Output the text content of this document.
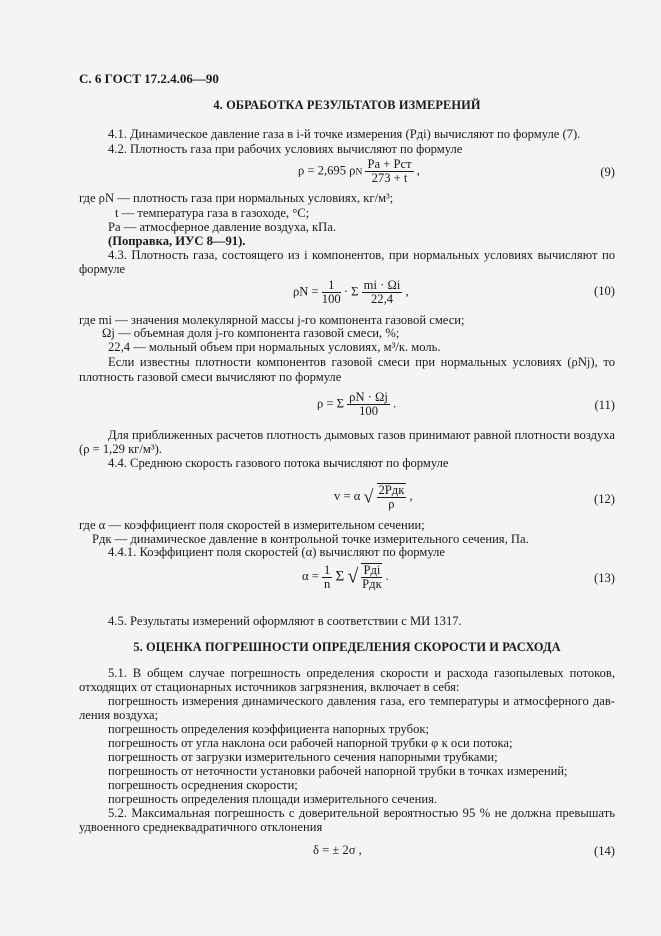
С. 6 ГОСТ 17.2.4.06—90
4. ОБРАБОТКА РЕЗУЛЬТАТОВ ИЗМЕРЕНИЙ
4.1. Динамическое давление газа в i-й точке измерения (Pдi) вычисляют по формуле (7).
4.2. Плотность газа при рабочих условиях вычисляют по формуле
ρ = 2,695 ρN $\frac{\text{Pа + Pст}}{273 + t}$ ,	(9)
где ρN — плотность газа при нормальных условиях, кг/м³;
t — температура газа в газоходе, °С;
Pа — атмосферное давление воздуха, кПа.
(Поправка, ИУС 8—91).
4.3. Плотность газа, состоящего из i компонентов, при нормальных условиях вычисляют по
формуле
$\rho N = \frac{1}{100} \cdot \Sigma \frac{mi \cdot \Omega i}{22,4}$ ,	(10)
где mi — значения молекулярной массы j-го компонента газовой смеси;
Ωj — объемная доля j-го компонента газовой смеси, %;
22,4 — мольный объем при нормальных условиях, м³/к. моль.
Если известны плотности компонентов газовой смеси при нормальных условиях (ρNj), то
плотность газовой смеси вычисляют по формуле
ρ = Σ $\frac{\rho N \cdot \Omega j}{100}$ .	(11)
Для приближенных расчетов плотность дымовых газов принимают равной плотности воздуха
(ρ = 1,29 кг/м³).
4.4. Среднюю скорость газового потока вычисляют по формуле
v = α √ $\frac{\text{2Pдк}}{\rho}$ ,	(12)
где α — коэффициент поля скоростей в измерительном сечении;
Pдк — динамическое давление в контрольной точке измерительного сечения, Па.
4.4.1. Коэффициент поля скоростей (α) вычисляют по формуле
$\alpha = \frac{1}{n}$ Σ √ $\frac{\text{Pдi}}{\text{Pдк}}$ .	(13)
4.5. Результаты измерений оформляют в соответствии с МИ 1317.
5. ОЦЕНКА ПОГРЕШНОСТИ ОПРЕДЕЛЕНИЯ СКОРОСТИ И РАСХОДА
5.1. В общем случае погрешность определения скорости и расхода газопылевых потоков,
отходящих от стационарных источников загрязнения, включает в себя:
погрешность измерения динамического давления газа, его температуры и атмосферного дав-
ления воздуха;
погрешность определения коэффициента напорных трубок;
погрешность от угла наклона оси рабочей напорной трубки φ к оси потока;
погрешность от загрузки измерительного сечения напорными трубками;
погрешность от неточности установки рабочей напорной трубки в точках измерений;
погрешность осреднения скорости;
погрешность определения площади измерительного сечения.
5.2. Максимальная погрешность с доверительной вероятностью 95 % не должна превышать
удвоенного среднеквадратичного отклонения
δ = ± 2σ ,	(14)
